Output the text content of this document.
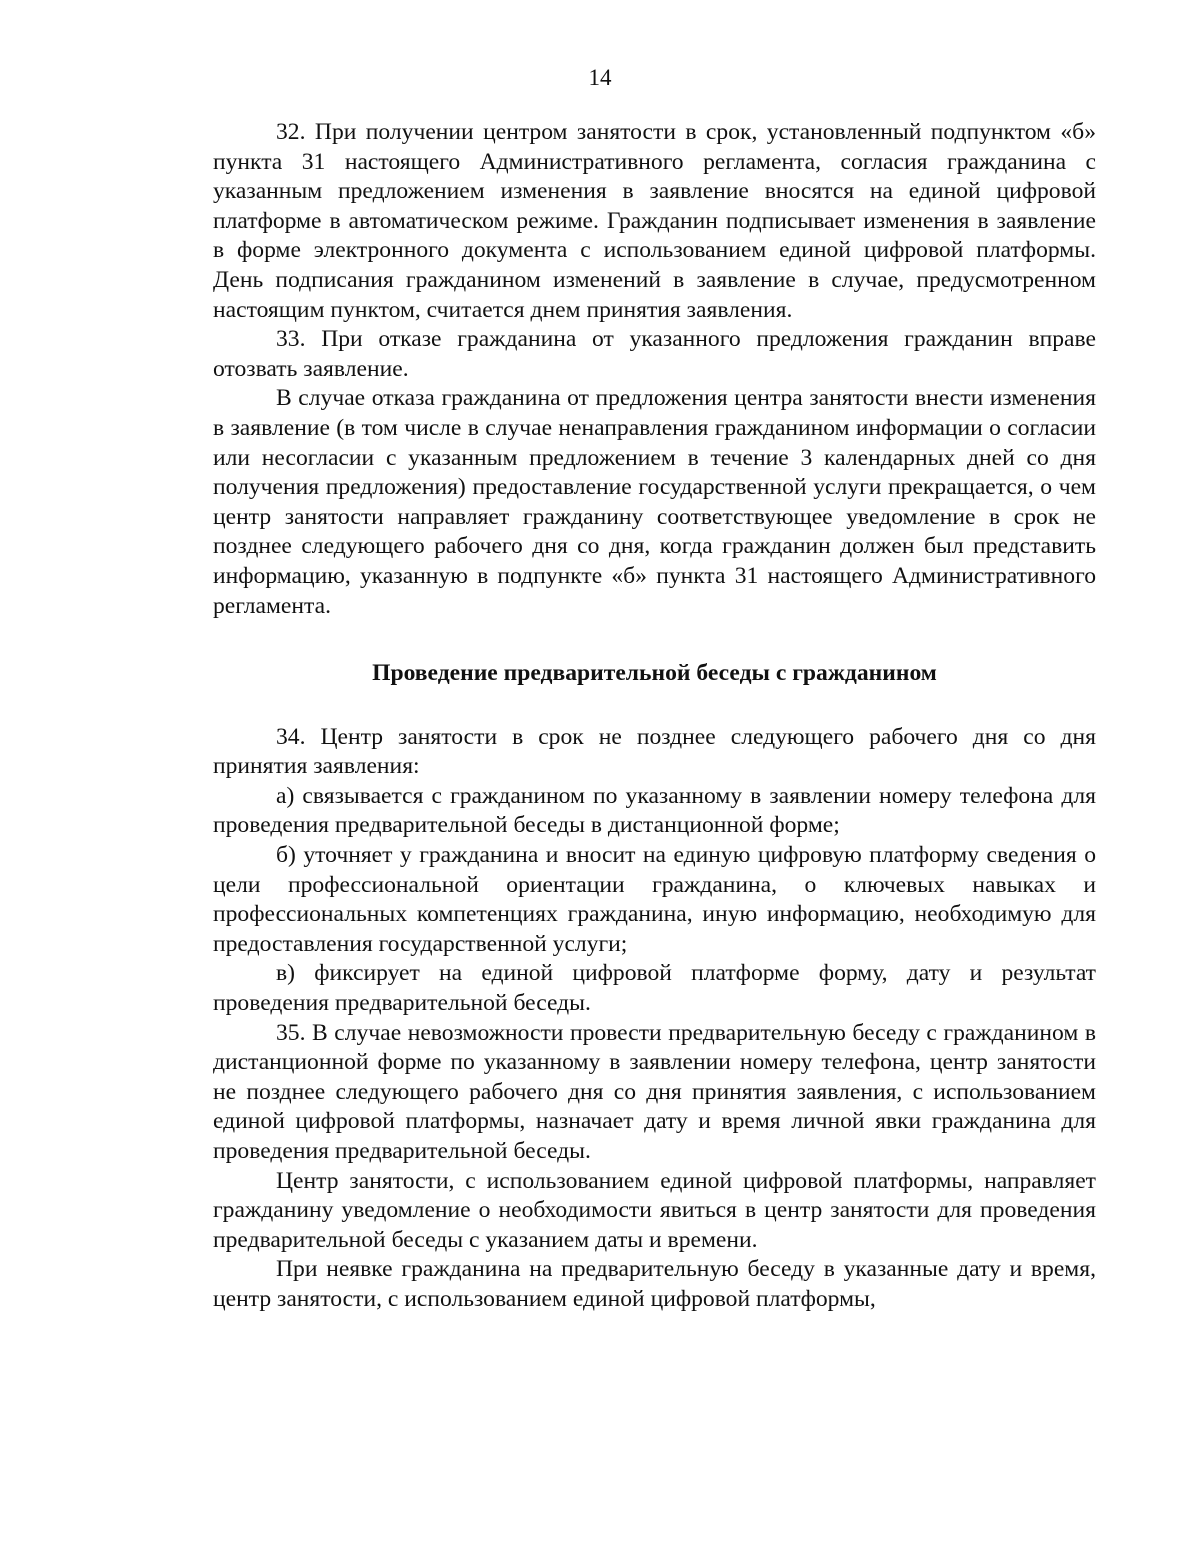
14

32. При получении центром занятости в срок, установленный подпунктом «б» пункта 31 настоящего Административного регламента, согласия гражданина с указанным предложением изменения в заявление вносятся на единой цифровой платформе в автоматическом режиме. Гражданин подписывает изменения в заявление в форме электронного документа с использованием единой цифровой платформы. День подписания гражданином изменений в заявление в случае, предусмотренном настоящим пунктом, считается днем принятия заявления.

33. При отказе гражданина от указанного предложения гражданин вправе отозвать заявление.

В случае отказа гражданина от предложения центра занятости внести изменения в заявление (в том числе в случае ненаправления гражданином информации о согласии или несогласии с указанным предложением в течение 3 календарных дней со дня получения предложения) предоставление государственной услуги прекращается, о чем центр занятости направляет гражданину соответствующее уведомление в срок не позднее следующего рабочего дня со дня, когда гражданин должен был представить информацию, указанную в подпункте «б» пункта 31 настоящего Административного регламента.

Проведение предварительной беседы с гражданином

34. Центр занятости в срок не позднее следующего рабочего дня со дня принятия заявления:

а) связывается с гражданином по указанному в заявлении номеру телефона для проведения предварительной беседы в дистанционной форме;

б) уточняет у гражданина и вносит на единую цифровую платформу сведения о цели профессиональной ориентации гражданина, о ключевых навыках и профессиональных компетенциях гражданина, иную информацию, необходимую для предоставления государственной услуги;

в) фиксирует на единой цифровой платформе форму, дату и результат проведения предварительной беседы.

35. В случае невозможности провести предварительную беседу с гражданином в дистанционной форме по указанному в заявлении номеру телефона, центр занятости не позднее следующего рабочего дня со дня принятия заявления, с использованием единой цифровой платформы, назначает дату и время личной явки гражданина для проведения предварительной беседы.

Центр занятости, с использованием единой цифровой платформы, направляет гражданину уведомление о необходимости явиться в центр занятости для проведения предварительной беседы с указанием даты и времени.

При неявке гражданина на предварительную беседу в указанные дату и время, центр занятости, с использованием единой цифровой платформы,
